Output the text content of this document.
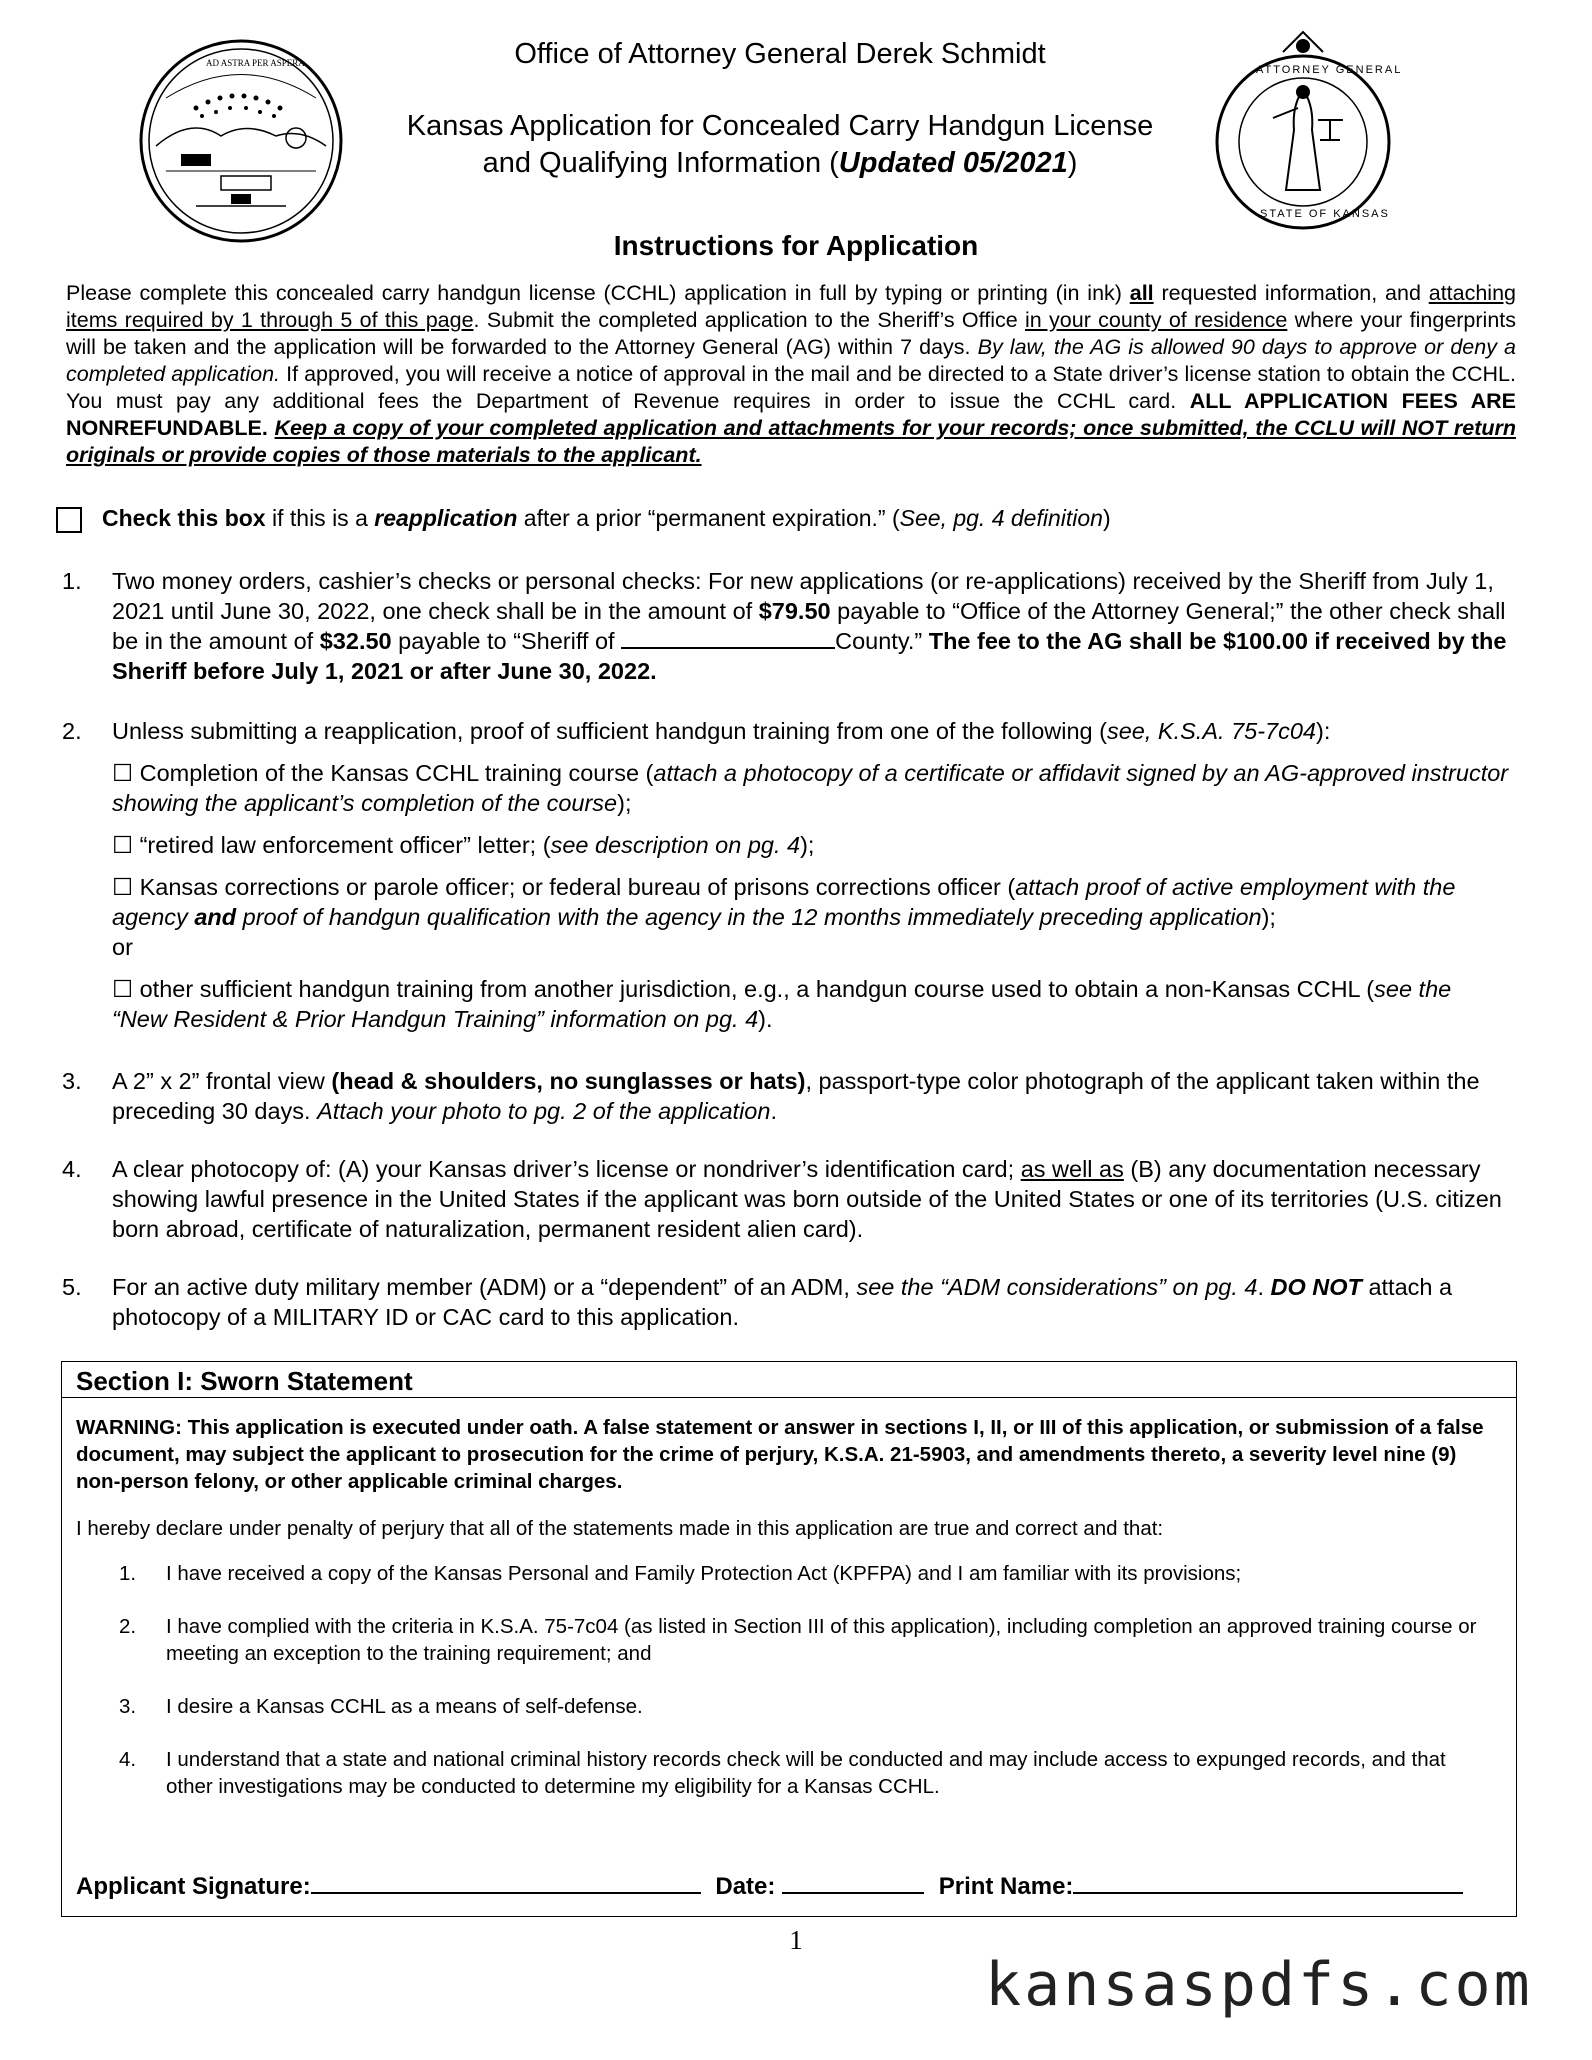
AD ASTRA PER ASPERA
ATTORNEY GENERAL
STATE OF KANSAS
Office of Attorney General Derek Schmidt
Kansas Application for Concealed Carry Handgun License
and Qualifying Information (Updated 05/2021)
Instructions for Application
Please complete this concealed carry handgun license (CCHL) application in full by typing or printing (in ink) all requested information, and attaching items required by 1 through 5 of this page. Submit the completed application to the Sheriff’s Office in your county of residence where your fingerprints will be taken and the application will be forwarded to the Attorney General (AG) within 7 days. By law, the AG is allowed 90 days to approve or deny a completed application. If approved, you will receive a notice of approval in the mail and be directed to a State driver’s license station to obtain the CCHL. You must pay any additional fees the Department of Revenue requires in order to issue the CCHL card. ALL APPLICATION FEES ARE NONREFUNDABLE. Keep a copy of your completed application and attachments for your records; once submitted, the CCLU will NOT return originals or provide copies of those materials to the applicant.
Check this box if this is a reapplication after a prior “permanent expiration.” (See, pg. 4 definition)
1. Two money orders, cashier’s checks or personal checks: For new applications (or re-applications) received by the Sheriff from July 1, 2021 until June 30, 2022, one check shall be in the amount of $79.50 payable to “Office of the Attorney General;” the other check shall be in the amount of $32.50 payable to “Sheriff of	County.” The fee to the AG shall be $100.00 if received by the Sheriff before July 1, 2021 or after June 30, 2022.
2. Unless submitting a reapplication, proof of sufficient handgun training from one of the following (see, K.S.A. 75-7c04):
☐ Completion of the Kansas CCHL training course (attach a photocopy of a certificate or affidavit signed by an AG-approved instructor showing the applicant’s completion of the course);
☐ “retired law enforcement officer” letter; (see description on pg. 4);
☐ Kansas corrections or parole officer; or federal bureau of prisons corrections officer (attach proof of active employment with the agency and proof of handgun qualification with the agency in the 12 months immediately preceding application);
or
☐ other sufficient handgun training from another jurisdiction, e.g., a handgun course used to obtain a non-Kansas CCHL (see the “New Resident & Prior Handgun Training” information on pg. 4).
3. A 2” x 2” frontal view (head & shoulders, no sunglasses or hats), passport-type color photograph of the applicant taken within the preceding 30 days. Attach your photo to pg. 2 of the application.
4. A clear photocopy of: (A) your Kansas driver’s license or nondriver’s identification card; as well as (B) any documentation necessary showing lawful presence in the United States if the applicant was born outside of the United States or one of its territories (U.S. citizen born abroad, certificate of naturalization, permanent resident alien card).
5. For an active duty military member (ADM) or a “dependent” of an ADM, see the “ADM considerations” on pg. 4. DO NOT attach a photocopy of a MILITARY ID or CAC card to this application.
Section I: Sworn Statement
WARNING: This application is executed under oath. A false statement or answer in sections I, II, or III of this application, or submission of a false document, may subject the applicant to prosecution for the crime of perjury, K.S.A. 21-5903, and amendments thereto, a severity level nine (9) non-person felony, or other applicable criminal charges.
I hereby declare under penalty of perjury that all of the statements made in this application are true and correct and that:
1. I have received a copy of the Kansas Personal and Family Protection Act (KPFPA) and I am familiar with its provisions;
2. I have complied with the criteria in K.S.A. 75-7c04 (as listed in Section III of this application), including completion an approved training course or meeting an exception to the training requirement; and
3. I desire a Kansas CCHL as a means of self-defense.
4. I understand that a state and national criminal history records check will be conducted and may include access to expunged records, and that other investigations may be conducted to determine my eligibility for a Kansas CCHL.
Applicant Signature:	Date:	Print Name:
1
kansaspdfs.com
